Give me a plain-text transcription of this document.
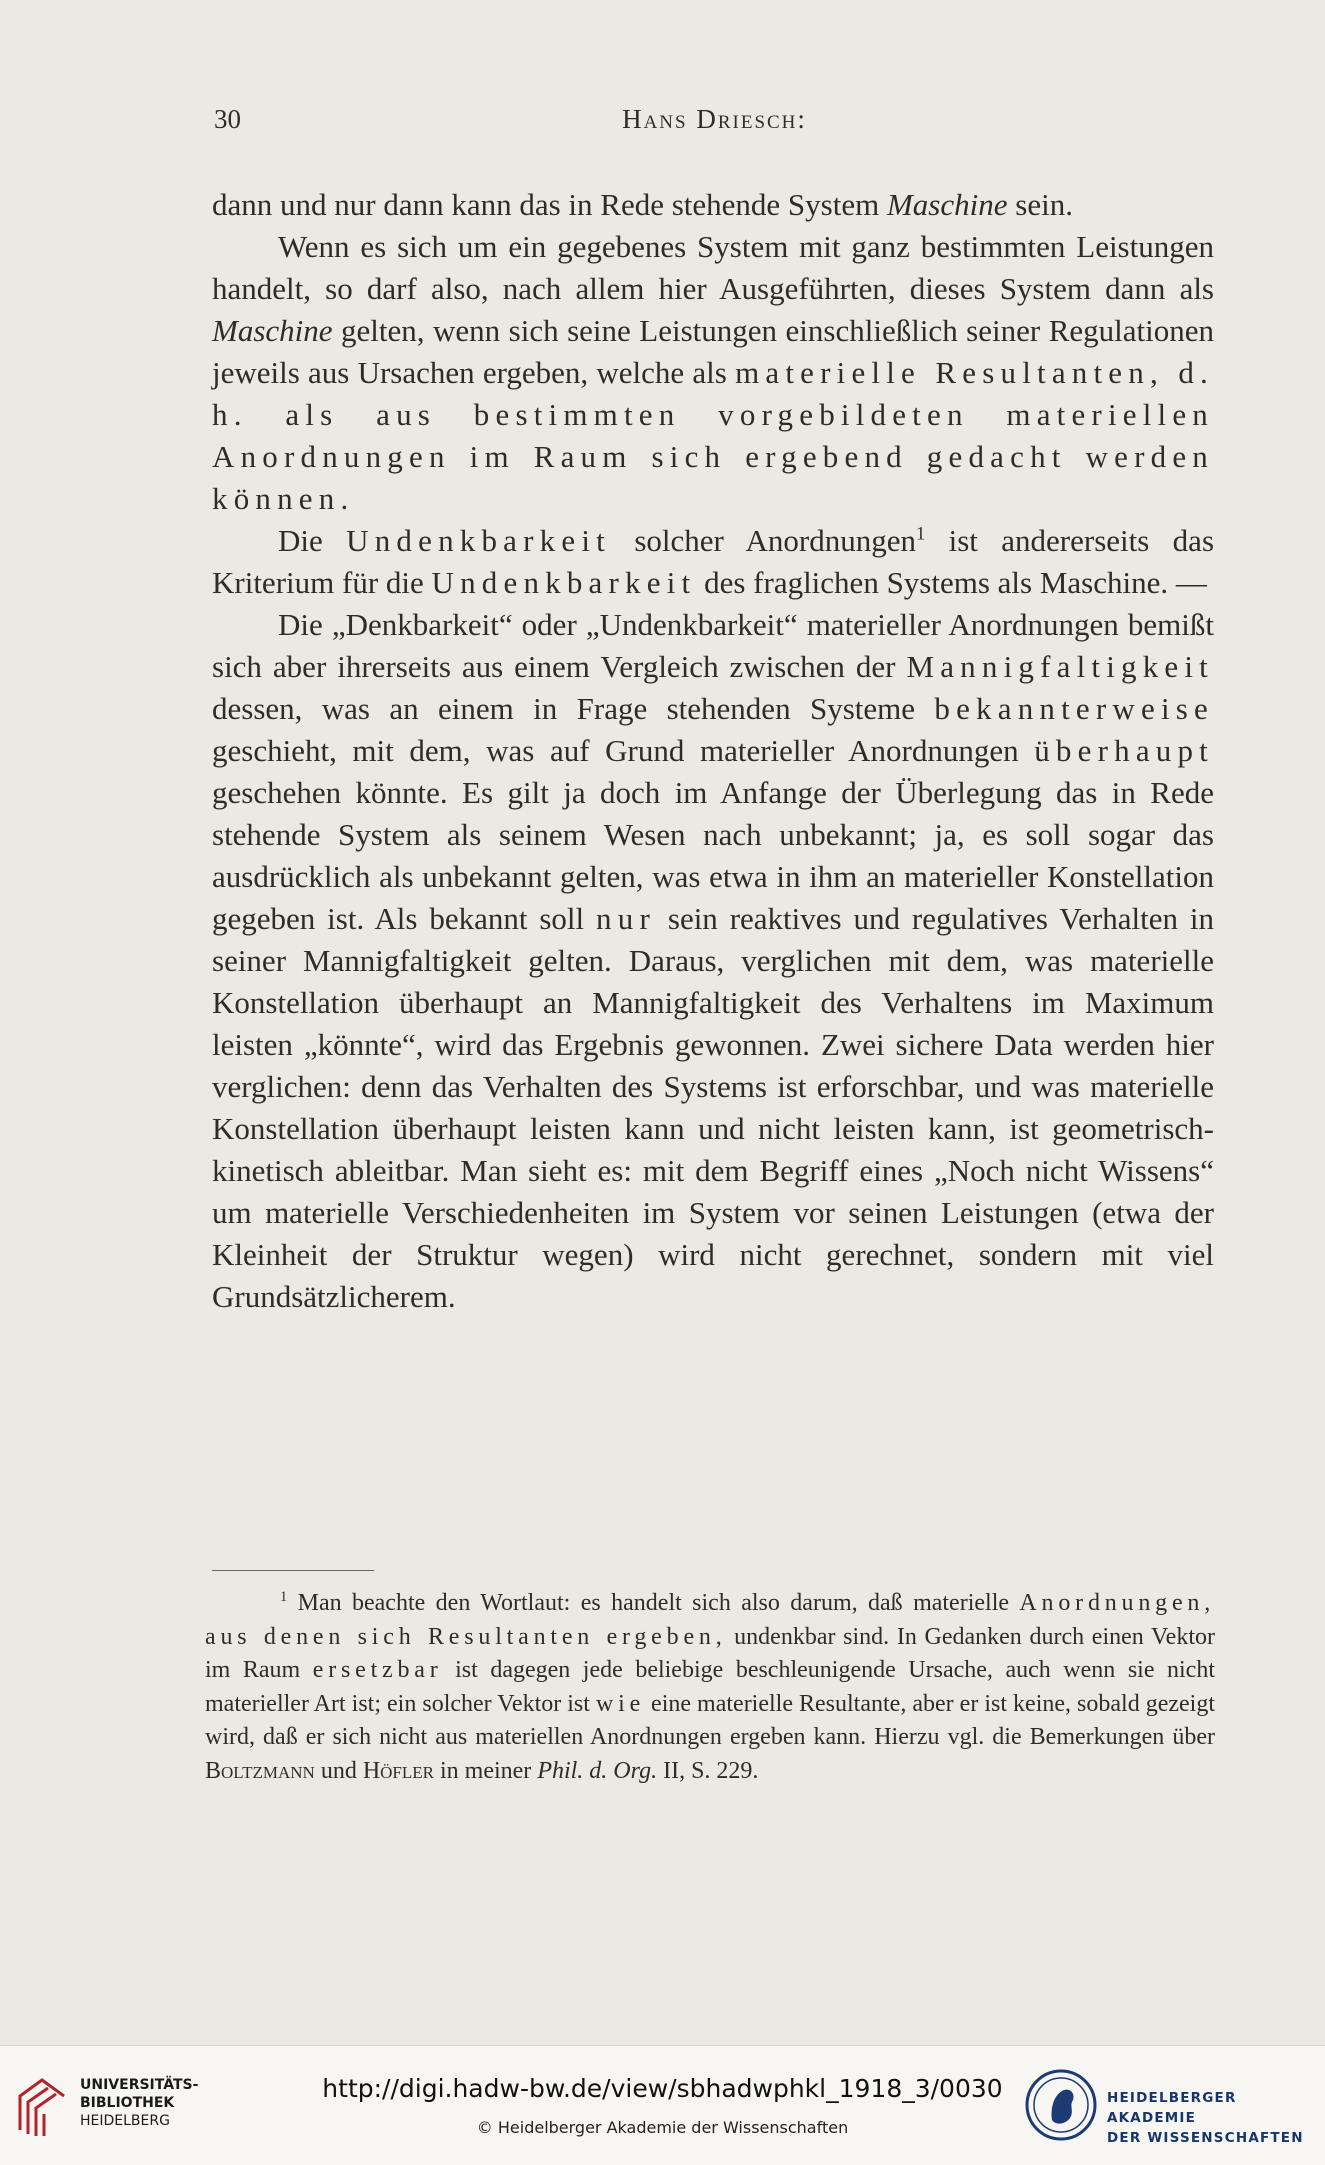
30	Hans Driesch:

dann und nur dann kann das in Rede stehende System Maschine sein.

Wenn es sich um ein gegebenes System mit ganz bestimmten Leistungen handelt, so darf also, nach allem hier Ausgeführten, dieses System dann als Maschine gelten, wenn sich seine Leistungen einschließlich seiner Regulationen jeweils aus Ursachen ergeben, welche als materielle Resultanten, d. h. als aus bestimmten vorgebildeten materiellen Anordnungen im Raum sich ergebend gedacht werden können.

Die Undenkbarkeit solcher Anordnungen$^1$ ist andererseits das Kriterium für die Undenkbarkeit des fraglichen Systems als Maschine. —

Die „Denkbarkeit“ oder „Undenkbarkeit“ materieller Anordnungen bemißt sich aber ihrerseits aus einem Vergleich zwischen der Mannigfaltigkeit dessen, was an einem in Frage stehenden Systeme bekannterweise geschieht, mit dem, was auf Grund materieller Anordnungen überhaupt geschehen könnte. Es gilt ja doch im Anfange der Überlegung das in Rede stehende System als seinem Wesen nach unbekannt; ja, es soll sogar das ausdrücklich als unbekannt gelten, was etwa in ihm an materieller Konstellation gegeben ist. Als bekannt soll nur sein reaktives und regulatives Verhalten in seiner Mannigfaltigkeit gelten. Daraus, verglichen mit dem, was materielle Konstellation überhaupt an Mannigfaltigkeit des Verhaltens im Maximum leisten „könnte“, wird das Ergebnis gewonnen. Zwei sichere Data werden hier verglichen: denn das Verhalten des Systems ist erforschbar, und was materielle Konstellation überhaupt leisten kann und nicht leisten kann, ist geometrisch-kinetisch ableitbar. Man sieht es: mit dem Begriff eines „Noch nicht Wissens“ um materielle Verschiedenheiten im System vor seinen Leistungen (etwa der Kleinheit der Struktur wegen) wird nicht gerechnet, sondern mit viel Grundsätzlicherem.

$^1$ Man beachte den Wortlaut: es handelt sich also darum, daß materielle Anordnungen, aus denen sich Resultanten ergeben, undenkbar sind. In Gedanken durch einen Vektor im Raum ersetzbar ist dagegen jede beliebige beschleunigende Ursache, auch wenn sie nicht materieller Art ist; ein solcher Vektor ist wie eine materielle Resultante, aber er ist keine, sobald gezeigt wird, daß er sich nicht aus materiellen Anordnungen ergeben kann. Hierzu vgl. die Bemerkungen über Boltzmann und Höfler in meiner Phil. d. Org. II, S. 229.

UNIVERSITÄTS-
BIBLIOTHEK
HEIDELBERG
http://digi.hadw-bw.de/view/sbhadwphkl_1918_3/0030
© Heidelberger Akademie der Wissenschaften
HEIDELBERGER AKADEMIE
DER WISSENSCHAFTEN
